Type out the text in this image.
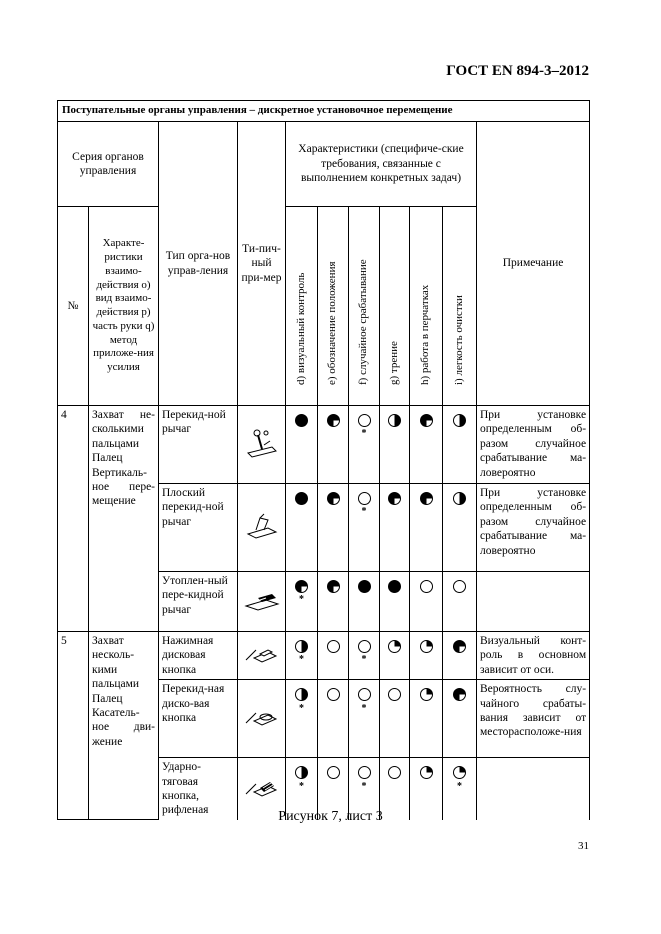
ГОСТ EN 894-3–2012
Поступательные органы управления – дискретное установочное перемещение										
Серия органов управления		Тип орга-нов управ-ления	Ти-пич-ный при-мер	Характеристики (специфиче-ские требования, связанные с выполнением конкретных задач)						Примечание
№	Характе-ристики взаимо-действия о) вид взаимо-действия р) часть руки q) метод приложе-ния усилия			d) визуальный контроль	e) обозначение положения	f) случайное срабатывание	g) трение	h) работа в перчатках	i) легкость очистки	

4	Захват не-сколькими пальцами Палец Вертикаль-ное пере-мещение	Перекид-ной рычаг				*				При установке определенным об-разом случайное срабатывание ма-ловероятно
		Плоский перекид-ной рычаг				*				При установке определенным об-разом случайное срабатывание ма-ловероятно
		Утоплен-ный пере-кидной рычаг		*						

5	Захват несколь-кими пальцами Палец Касатель-ное дви-жение	Нажимная дисковая кнопка		*		*				Визуальный конт-роль в основном зависит от оси.
		Перекид-ная диско-вая кнопка		*		*				Вероятность слу-чайного срабаты-вания зависит от месторасположе-ния
		Ударно-тяговая кнопка, рифленая		*		*			*	

Рисунок 7, лист 3
31
